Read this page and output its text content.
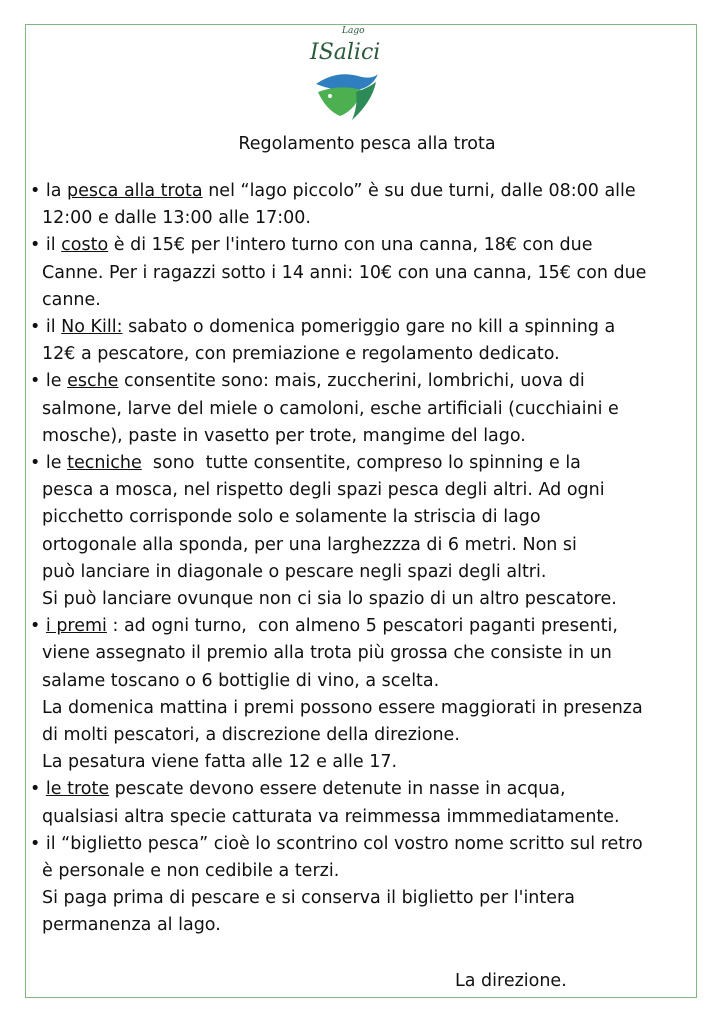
Lago
ISalici
Regolamento pesca alla trota
• la pesca alla trota nel “lago piccolo” è su due turni, dalle 08:00 alle
12:00 e dalle 13:00 alle 17:00.
• il costo è di 15€ per l'intero turno con una canna, 18€ con due
Canne. Per i ragazzi sotto i 14 anni: 10€ con una canna, 15€ con due
canne.
• il No Kill: sabato o domenica pomeriggio gare no kill a spinning a
12€ a pescatore, con premiazione e regolamento dedicato.
• le esche consentite sono: mais, zuccherini, lombrichi, uova di
salmone, larve del miele o camoloni, esche artificiali (cucchiaini e
mosche), paste in vasetto per trote, mangime del lago.
• le tecniche  sono  tutte consentite, compreso lo spinning e la
pesca a mosca, nel rispetto degli spazi pesca degli altri. Ad ogni
picchetto corrisponde solo e solamente la striscia di lago
ortogonale alla sponda, per una larghezzza di 6 metri. Non si
può lanciare in diagonale o pescare negli spazi degli altri.
Si può lanciare ovunque non ci sia lo spazio di un altro pescatore.
• i premi : ad ogni turno,  con almeno 5 pescatori paganti presenti,
viene assegnato il premio alla trota più grossa che consiste in un
salame toscano o 6 bottiglie di vino, a scelta.
La domenica mattina i premi possono essere maggiorati in presenza
di molti pescatori, a discrezione della direzione.
La pesatura viene fatta alle 12 e alle 17.
• le trote pescate devono essere detenute in nasse in acqua,
qualsiasi altra specie catturata va reimmessa immmediatamente.
• il “biglietto pesca” cioè lo scontrino col vostro nome scritto sul retro
è personale e non cedibile a terzi.
Si paga prima di pescare e si conserva il biglietto per l'intera
permanenza al lago.
La direzione.
